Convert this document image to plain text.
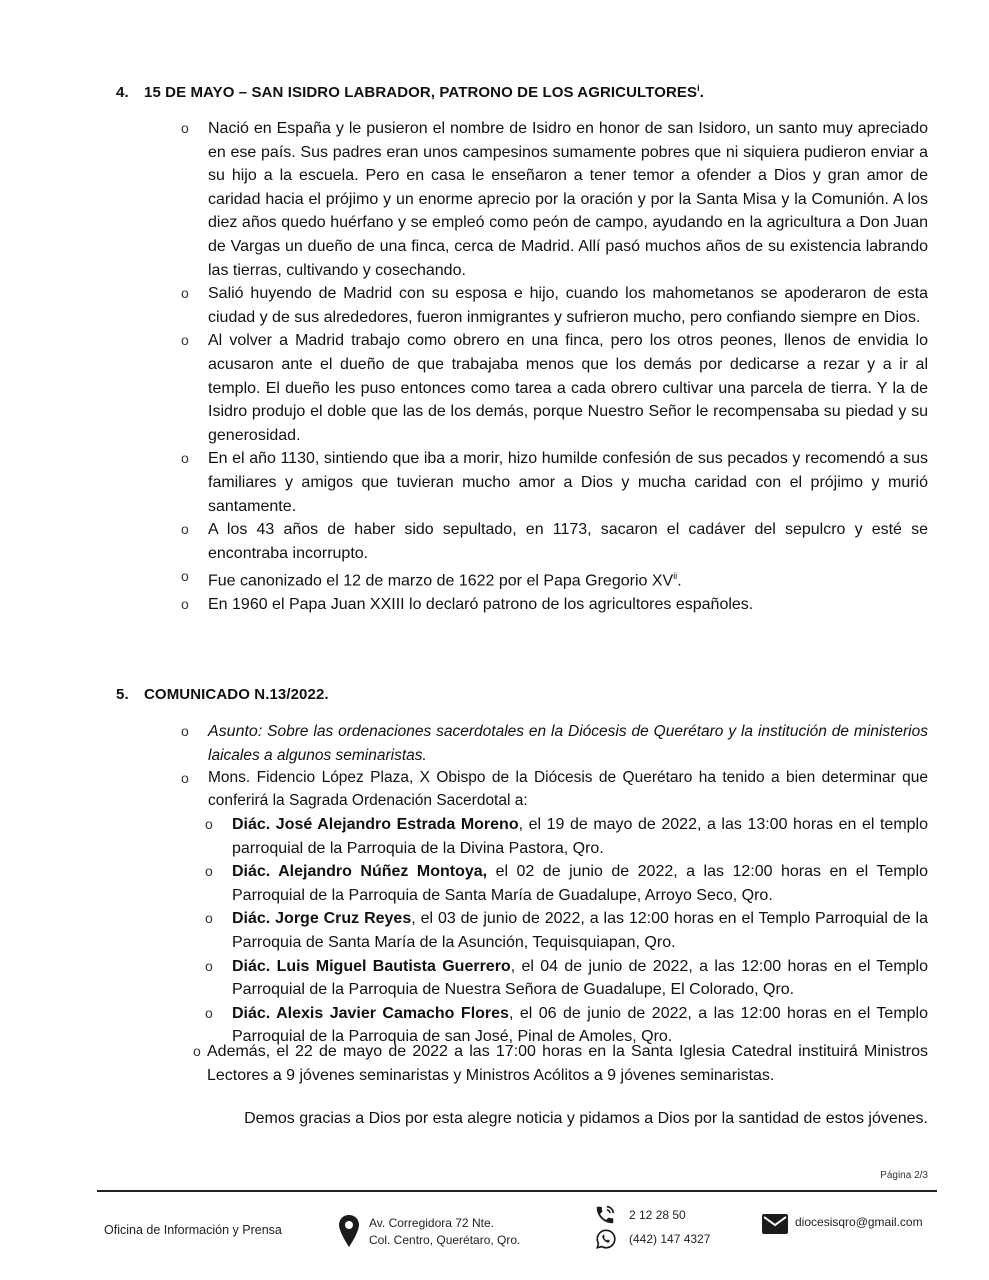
4. 15 DE MAYO – SAN ISIDRO LABRADOR, PATRONO DE LOS AGRICULTORES$^i$.
o Nació en España y le pusieron el nombre de Isidro en honor de san Isidoro, un santo muy apreciado en ese país. Sus padres eran unos campesinos sumamente pobres que ni siquiera pudieron enviar a su hijo a la escuela. Pero en casa le enseñaron a tener temor a ofender a Dios y gran amor de caridad hacia el prójimo y un enorme aprecio por la oración y por la Santa Misa y la Comunión. A los diez años quedo huérfano y se empleó como peón de campo, ayudando en la agricultura a Don Juan de Vargas un dueño de una finca, cerca de Madrid. Allí pasó muchos años de su existencia labrando las tierras, cultivando y cosechando.
o Salió huyendo de Madrid con su esposa e hijo, cuando los mahometanos se apoderaron de esta ciudad y de sus alrededores, fueron inmigrantes y sufrieron mucho, pero confiando siempre en Dios.
o Al volver a Madrid trabajo como obrero en una finca, pero los otros peones, llenos de envidia lo acusaron ante el dueño de que trabajaba menos que los demás por dedicarse a rezar y a ir al templo. El dueño les puso entonces como tarea a cada obrero cultivar una parcela de tierra. Y la de Isidro produjo el doble que las de los demás, porque Nuestro Señor le recompensaba su piedad y su generosidad.
o En el año 1130, sintiendo que iba a morir, hizo humilde confesión de sus pecados y recomendó a sus familiares y amigos que tuvieran mucho amor a Dios y mucha caridad con el prójimo y murió santamente.
o A los 43 años de haber sido sepultado, en 1173, sacaron el cadáver del sepulcro y esté se encontraba incorrupto.
o Fue canonizado el 12 de marzo de 1622 por el Papa Gregorio XV$^{ii}$.
o En 1960 el Papa Juan XXIII lo declaró patrono de los agricultores españoles.
5. COMUNICADO N.13/2022.
o Asunto: Sobre las ordenaciones sacerdotales en la Diócesis de Querétaro y la institución de ministerios laicales a algunos seminaristas.
o Mons. Fidencio López Plaza, X Obispo de la Diócesis de Querétaro ha tenido a bien determinar que conferirá la Sagrada Ordenación Sacerdotal a:
o Diác. José Alejandro Estrada Moreno, el 19 de mayo de 2022, a las 13:00 horas en el templo parroquial de la Parroquia de la Divina Pastora, Qro.
o Diác. Alejandro Núñez Montoya, el 02 de junio de 2022, a las 12:00 horas en el Templo Parroquial de la Parroquia de Santa María de Guadalupe, Arroyo Seco, Qro.
o Diác. Jorge Cruz Reyes, el 03 de junio de 2022, a las 12:00 horas en el Templo Parroquial de la Parroquia de Santa María de la Asunción, Tequisquiapan, Qro.
o Diác. Luis Miguel Bautista Guerrero, el 04 de junio de 2022, a las 12:00 horas en el Templo Parroquial de la Parroquia de Nuestra Señora de Guadalupe, El Colorado, Qro.
o Diác. Alexis Javier Camacho Flores, el 06 de junio de 2022, a las 12:00 horas en el Templo Parroquial de la Parroquia de san José, Pinal de Amoles, Qro.
o Además, el 22 de mayo de 2022 a las 17:00 horas en la Santa Iglesia Catedral instituirá Ministros Lectores a 9 jóvenes seminaristas y Ministros Acólitos a 9 jóvenes seminaristas.
Demos gracias a Dios por esta alegre noticia y pidamos a Dios por la santidad de estos jóvenes.
Página 2/3
Oficina de Información y Prensa	Av. Corregidora 72 Nte.
Col. Centro, Querétaro, Qro.
2 12 28 50
(442) 147 4327
diocesisqro@gmail.com
